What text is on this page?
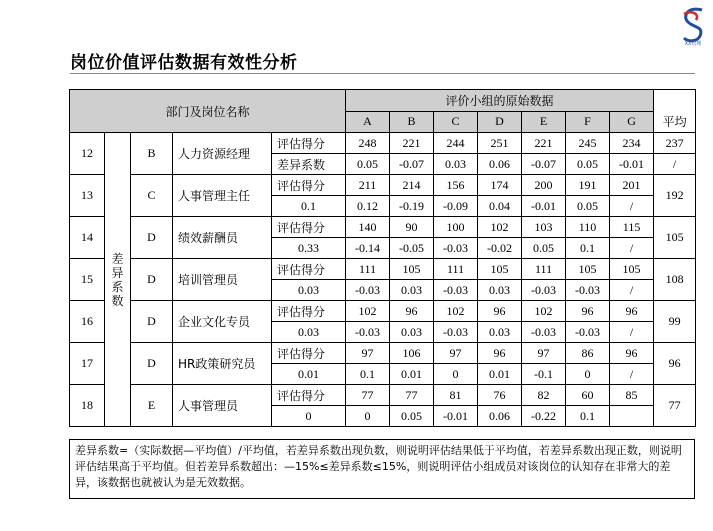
XX管理
岗位价值评估数据有效性分析
部门及岗位名称					评价小组的原始数据							平均
					A	B	C	D	E	F	G	
12	差异系数	B	人力资源经理	评估得分	248	221	244	251	221	245	234	237
				差异系数	0.05	-0.07	0.03	0.06	-0.07	0.05	-0.01	/
13		C	人事管理主任	评估得分	211	214	156	174	200	191	201	192
				0.1	0.12	-0.19	-0.09	0.04	-0.01	0.05	/	
14		D	绩效薪酬员	评估得分	140	90	100	102	103	110	115	105
				0.33	-0.14	-0.05	-0.03	-0.02	0.05	0.1	/	
15		D	培训管理员	评估得分	111	105	111	105	111	105	105	108
				0.03	-0.03	0.03	-0.03	0.03	-0.03	-0.03	/	
16		D	企业文化专员	评估得分	102	96	102	96	102	96	96	99
				0.03	-0.03	0.03	-0.03	0.03	-0.03	-0.03	/	
17		D	HR政策研究员	评估得分	97	106	97	96	97	86	96	96
				0.01	0.1	0.01	0	0.01	-0.1	0	/	
18		E	人事管理员	评估得分	77	77	81	76	82	60	85	77
				0	0	0.05	-0.01	0.06	-0.22	0.1		
差异系数=（实际数据—平均值）/平均值，若差异系数出现负数，则说明评估结果低于平均值，若差异系数出现正数，则说明评估结果高于平均值。但若差异系数超出：—15%≤差异系数≤15%，则说明评估小组成员对该岗位的认知存在非常大的差异，该数据也就被认为是无效数据。
